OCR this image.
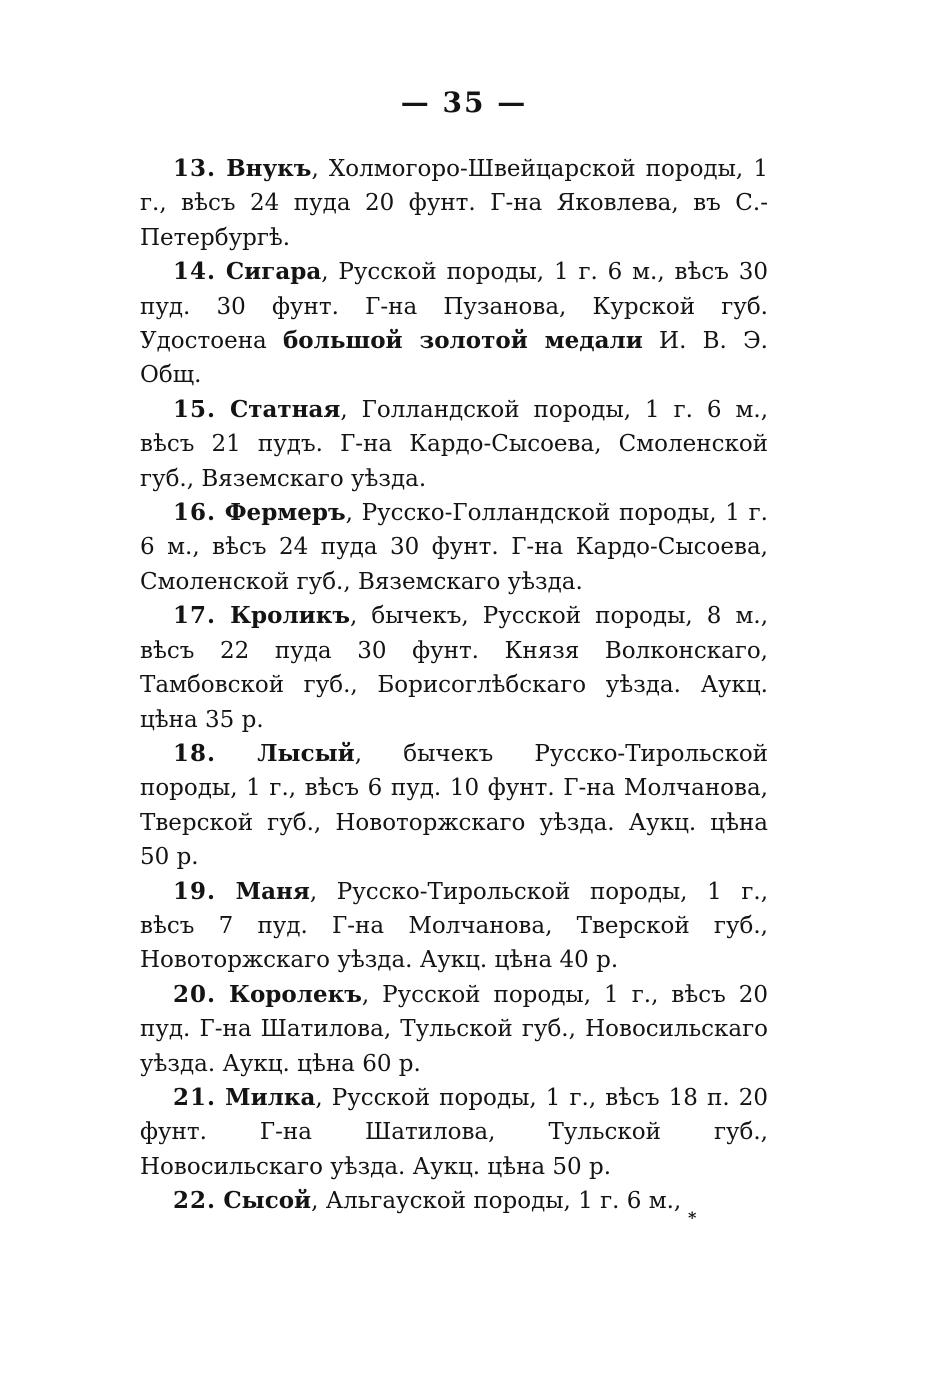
— 35 —

13. Внукъ, Холмогоро-Швейцарской породы, 1 г., вѣсъ 24 пуда 20 фунт. Г-на Яковлева, въ С.-Петербургѣ.

14. Сигара, Русской породы, 1 г. 6 м., вѣсъ 30 пуд. 30 фунт. Г-на Пузанова, Курской губ. Удостоена большой золотой медали И. В. Э. Общ.

15. Статная, Голландской породы, 1 г. 6 м., вѣсъ 21 пудъ. Г-на Кардо-Сысоева, Смоленской губ., Вяземскаго уѣзда.

16. Фермеръ, Русско-Голландской породы, 1 г. 6 м., вѣсъ 24 пуда 30 фунт. Г-на Кардо-Сысоева, Смоленской губ., Вяземскаго уѣзда.

17. Кроликъ, бычекъ, Русской породы, 8 м., вѣсъ 22 пуда 30 фунт. Князя Волконскаго, Тамбовской губ., Борисоглѣбскаго уѣзда. Аукц. цѣна 35 р.

18. Лысый, бычекъ Русско-Тирольской породы, 1 г., вѣсъ 6 пуд. 10 фунт. Г-на Молчанова, Тверской губ., Новоторжскаго уѣзда. Аукц. цѣна 50 р.

19. Маня, Русско-Тирольской породы, 1 г., вѣсъ 7 пуд. Г-на Молчанова, Тверской губ., Новоторжскаго уѣзда. Аукц. цѣна 40 р.

20. Королекъ, Русской породы, 1 г., вѣсъ 20 пуд. Г-на Шатилова, Тульской губ., Новосильскаго уѣзда. Аукц. цѣна 60 р.

21. Милка, Русской породы, 1 г., вѣсъ 18 п. 20 фунт. Г-на Шатилова, Тульской губ., Новосильскаго уѣзда. Аукц. цѣна 50 р.

22. Сысой, Альгауской породы, 1 г. 6 м.,

*
